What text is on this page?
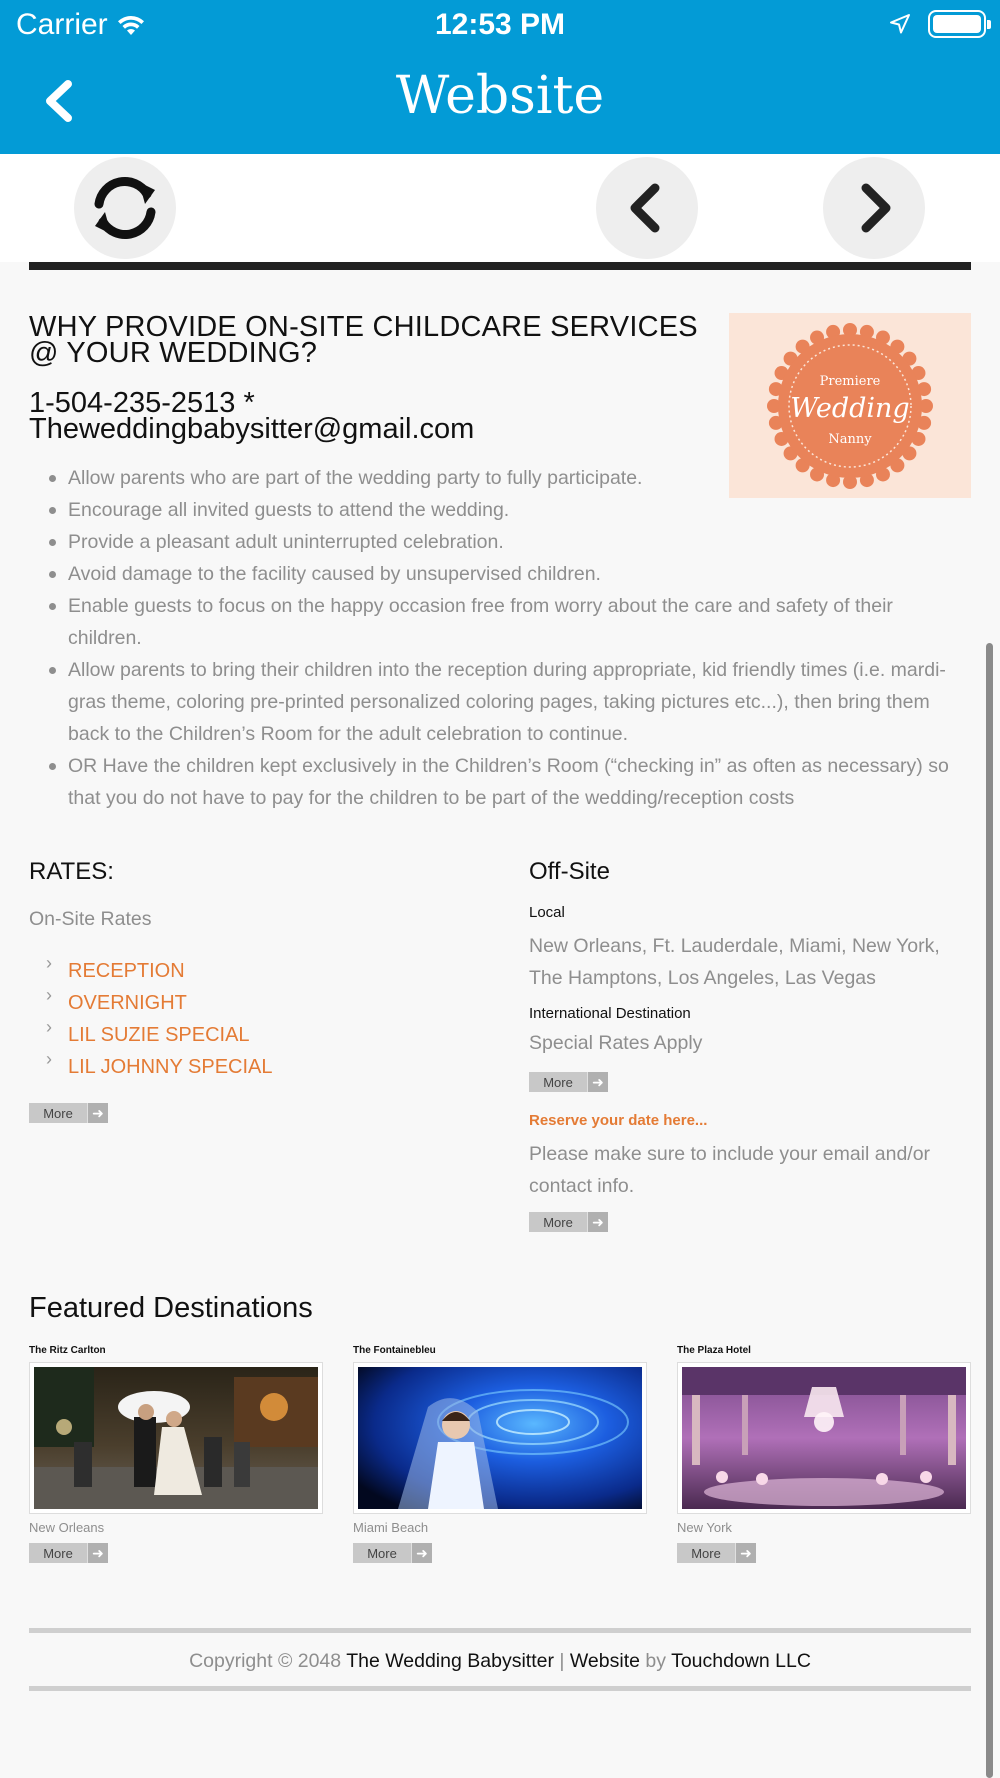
Carrier	12:53 PM
Website
WHY PROVIDE ON-SITE CHILDCARE SERVICES @ YOUR WEDDING?
1-504-235-2513 *
Theweddingbabysitter@gmail.com
Premiere
Wedding
Nanny
Allow parents who are part of the wedding party to fully participate.
Encourage all invited guests to attend the wedding.
Provide a pleasant adult uninterrupted celebration.
Avoid damage to the facility caused by unsupervised children.
Enable guests to focus on the happy occasion free from worry about the care and safety of their children.
Allow parents to bring their children into the reception during appropriate, kid friendly times (i.e. mardi-gras theme, coloring pre-printed personalized coloring pages, taking pictures etc...), then bring them back to the Children’s Room for the adult celebration to continue.
OR Have the children kept exclusively in the Children’s Room (“checking in” as often as necessary) so that you do not have to pay for the children to be part of the wedding/reception costs
RATES:
On-Site Rates
› RECEPTION
› OVERNIGHT
› LIL SUZIE SPECIAL
› LIL JOHNNY SPECIAL
More	➜
Off-Site
Local
New Orleans, Ft. Lauderdale, Miami, New York, The Hamptons, Los Angeles, Las Vegas
International Destination
Special Rates Apply
More	➜
Reserve your date here...
Please make sure to include your email and/or contact info.
More	➜
Featured Destinations
The Ritz Carlton
New Orleans
More	➜
The Fontainebleu
Miami Beach
More	➜
The Plaza Hotel
New York
More	➜
Copyright © 2048 The Wedding Babysitter | Website by Touchdown LLC
